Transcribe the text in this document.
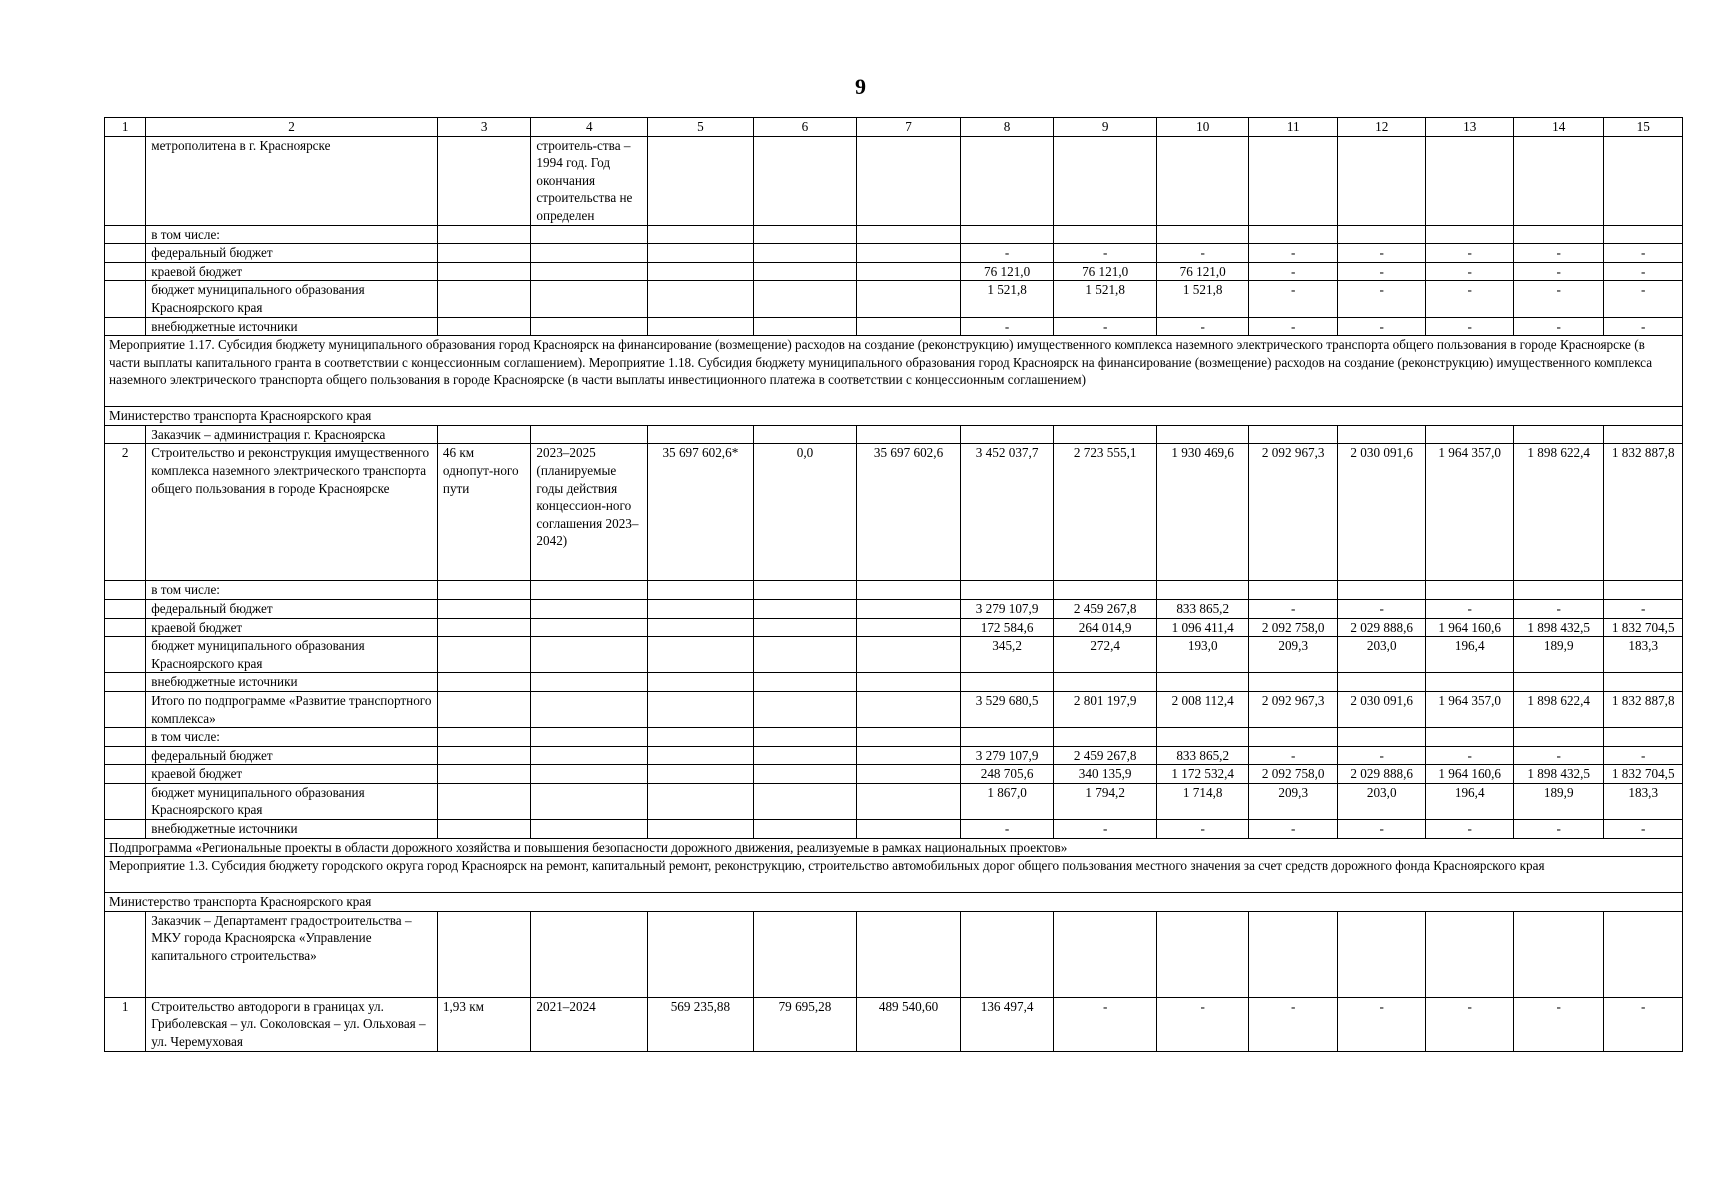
9
1	2	3	4	5	6	7	8	9	10	11	12	13	14	15
	метрополитена в г. Красноярске		строитель-ства – 1994 год. Год окончания строительства не определен											
	в том числе:													
	федеральный бюджет						-	-	-	-	-	-	-	-
	краевой бюджет						76 121,0	76 121,0	76 121,0	-	-	-	-	-
	бюджет муниципального образования Красноярского края						1 521,8	1 521,8	1 521,8	-	-	-	-	-
	внебюджетные источники						-	-	-	-	-	-	-	-
Мероприятие 1.17. Субсидия бюджету муниципального образования город Красноярск на финансирование (возмещение) расходов на создание (реконструкцию) имущественного комплекса наземного электрического транспорта общего пользования в городе Красноярске (в части выплаты капитального гранта в соответствии с концессионным соглашением). Мероприятие 1.18. Субсидия бюджету муниципального образования город Красноярск на финансирование (возмещение) расходов на создание (реконструкцию) имущественного комплекса наземного электрического транспорта общего пользования в городе Красноярске (в части выплаты инвестиционного платежа в соответствии с концессионным соглашением)														
Министерство транспорта Красноярского края														
	Заказчик – администрация г. Красноярска													
2	Строительство и реконструкция имущественного комплекса наземного электрического транспорта общего пользования в городе Красноярске	46 км однопут-ного пути	2023–2025 (планируемые годы действия концессион-ного соглашения 2023–2042)	35 697 602,6*	0,0	35 697 602,6	3 452 037,7	2 723 555,1	1 930 469,6	2 092 967,3	2 030 091,6	1 964 357,0	1 898 622,4	1 832 887,8
	в том числе:													
	федеральный бюджет						3 279 107,9	2 459 267,8	833 865,2	-	-	-	-	-
	краевой бюджет						172 584,6	264 014,9	1 096 411,4	2 092 758,0	2 029 888,6	1 964 160,6	1 898 432,5	1 832 704,5
	бюджет муниципального образования Красноярского края						345,2	272,4	193,0	209,3	203,0	196,4	189,9	183,3
	внебюджетные источники													
	Итого по подпрограмме «Развитие транспортного комплекса»						3 529 680,5	2 801 197,9	2 008 112,4	2 092 967,3	2 030 091,6	1 964 357,0	1 898 622,4	1 832 887,8
	в том числе:													
	федеральный бюджет						3 279 107,9	2 459 267,8	833 865,2	-	-	-	-	-
	краевой бюджет						248 705,6	340 135,9	1 172 532,4	2 092 758,0	2 029 888,6	1 964 160,6	1 898 432,5	1 832 704,5
	бюджет муниципального образования Красноярского края						1 867,0	1 794,2	1 714,8	209,3	203,0	196,4	189,9	183,3
	внебюджетные источники						-	-	-	-	-	-	-	-
Подпрограмма «Региональные проекты в области дорожного хозяйства и повышения безопасности дорожного движения, реализуемые в рамках национальных проектов»														
Мероприятие 1.3. Субсидия бюджету городского округа город Красноярск на ремонт, капитальный ремонт, реконструкцию, строительство автомобильных дорог общего пользования местного значения за счет средств дорожного фонда Красноярского края														
Министерство транспорта Красноярского края														
	Заказчик – Департамент градостроительства – МКУ города Красноярска «Управление капитального строительства»													
1	Строительство автодороги в границах ул. Гриболевская – ул. Соколовская – ул. Ольховая – ул. Черемуховая	1,93 км	2021–2024	569 235,88	79 695,28	489 540,60	136 497,4	-	-	-	-	-	-	-
